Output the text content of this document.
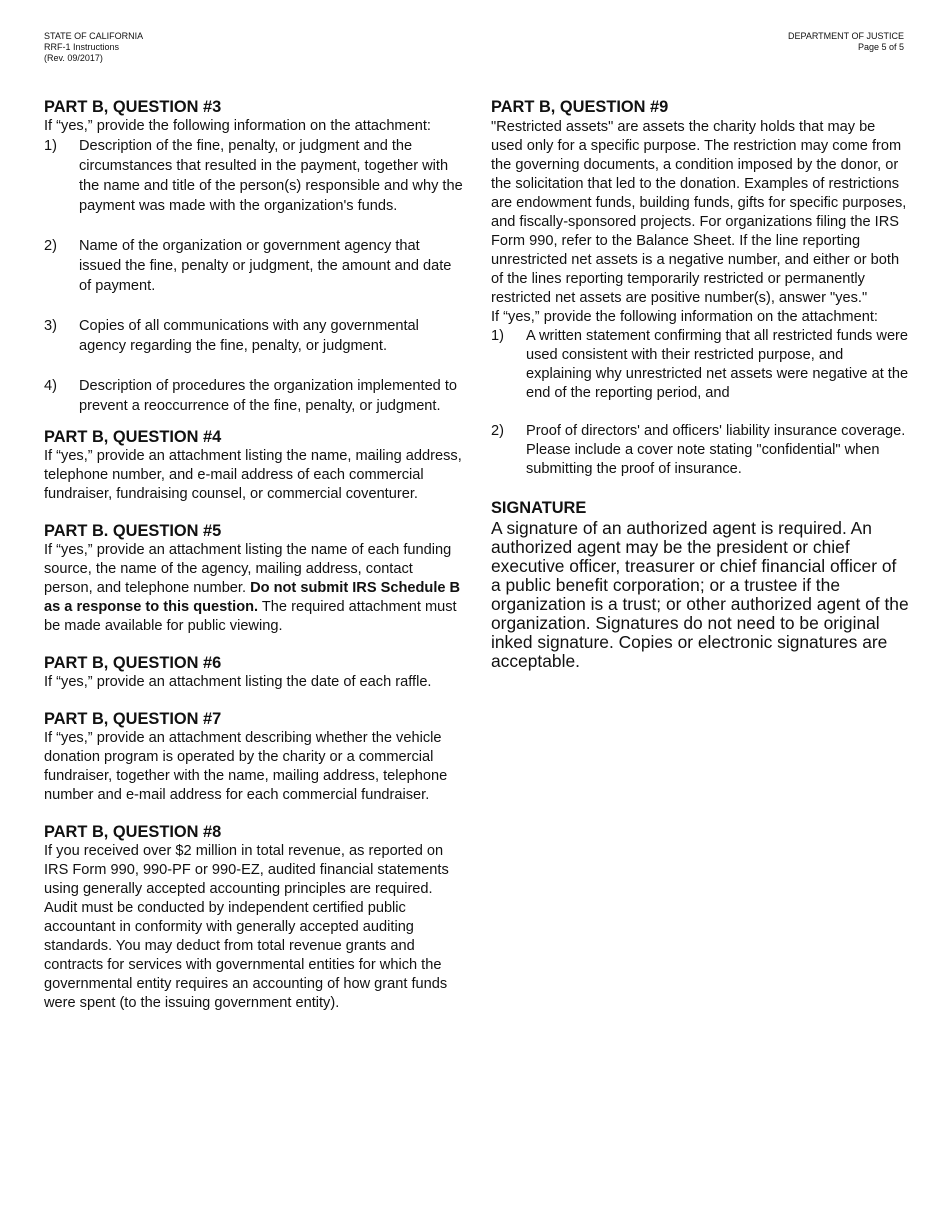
STATE OF CALIFORNIA
RRF-1 Instructions
(Rev. 09/2017)
DEPARTMENT OF JUSTICE
Page 5 of 5
PART B, QUESTION #3

If “yes,” provide the following information on the attachment:

1) Description of the fine, penalty, or judgment and the circumstances that resulted in the payment, together with the name and title of the person(s) responsible and why the payment was made with the organization's funds.
2) Name of the organization or government agency that issued the fine, penalty or judgment, the amount and date of payment.
3) Copies of all communications with any governmental agency regarding the fine, penalty, or judgment.
4) Description of procedures the organization implemented to prevent a reoccurrence of the fine, penalty, or judgment.
PART B, QUESTION #4

If “yes,” provide an attachment listing the name, mailing address, telephone number, and e-mail address of each commercial fundraiser, fundraising counsel, or commercial coventurer.

PART B. QUESTION #5

If “yes,” provide an attachment listing the name of each funding source, the name of the agency, mailing address, contact person, and telephone number. Do not submit IRS Schedule B as a response to this question. The required attachment must be made available for public viewing.

PART B, QUESTION #6

If “yes,” provide an attachment listing the date of each raffle.

PART B, QUESTION #7

If “yes,” provide an attachment describing whether the vehicle donation program is operated by the charity or a commercial fundraiser, together with the name, mailing address, telephone number and e-mail address for each commercial fundraiser.

PART B, QUESTION #8

If you received over $2 million in total revenue, as reported on IRS Form 990, 990-PF or 990-EZ, audited financial statements using generally accepted accounting principles are required. Audit must be conducted by independent certified public accountant in conformity with generally accepted auditing standards. You may deduct from total revenue grants and contracts for services with governmental entities for which the governmental entity requires an accounting of how grant funds were spent (to the issuing government entity).

PART B, QUESTION #9

"Restricted assets" are assets the charity holds that may be used only for a specific purpose. The restriction may come from the governing documents, a condition imposed by the donor, or the solicitation that led to the donation. Examples of restrictions are endowment funds, building funds, gifts for specific purposes, and fiscally-sponsored projects. For organizations filing the IRS Form 990, refer to the Balance Sheet. If the line reporting unrestricted net assets is a negative number, and either or both of the lines reporting temporarily restricted or permanently restricted net assets are positive number(s), answer "yes."

If “yes,” provide the following information on the attachment:

1) A written statement confirming that all restricted funds were used consistent with their restricted purpose, and explaining why unrestricted net assets were negative at the end of the reporting period, and
2) Proof of directors' and officers' liability insurance coverage. Please include a cover note stating "confidential" when submitting the proof of insurance.
SIGNATURE

A signature of an authorized agent is required. An authorized agent may be the president or chief executive officer, treasurer or chief financial officer of a public benefit corporation; or a trustee if the organization is a trust; or other authorized agent of the organization. Signatures do not need to be original inked signature. Copies or electronic signatures are acceptable.
